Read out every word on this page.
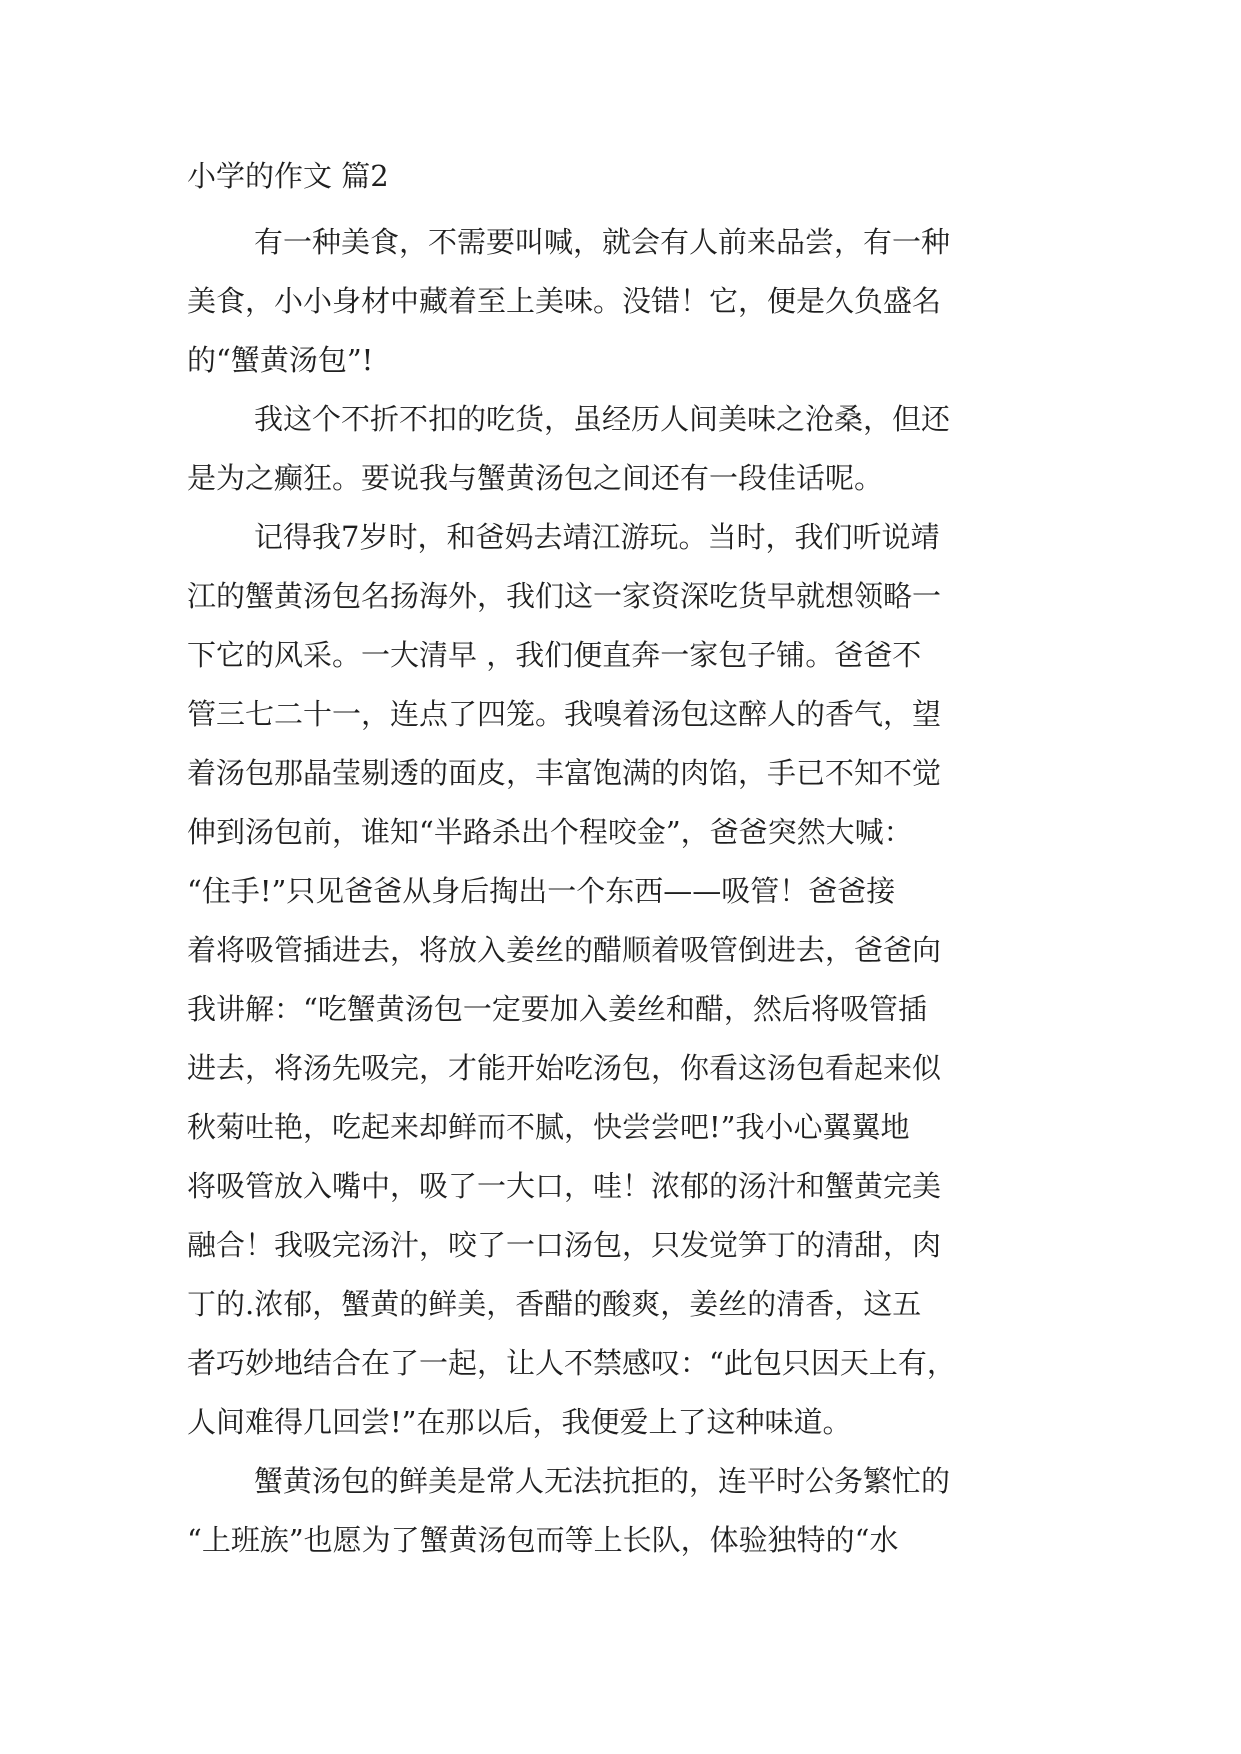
小学的作文 篇2
有一种美食，不需要叫喊，就会有人前来品尝，有一种
美食，小小身材中藏着至上美味。没错！它，便是久负盛名
的“蟹黄汤包”!
我这个不折不扣的吃货，虽经历人间美味之沧桑，但还
是为之癫狂。要说我与蟹黄汤包之间还有一段佳话呢。
记得我7岁时，和爸妈去靖江游玩。当时，我们听说靖
江的蟹黄汤包名扬海外，我们这一家资深吃货早就想领略一
下它的风采。一大清早 ，我们便直奔一家包子铺。爸爸不
管三七二十一，连点了四笼。我嗅着汤包这醉人的香气，望
着汤包那晶莹剔透的面皮，丰富饱满的肉馅，手已不知不觉
伸到汤包前，谁知“半路杀出个程咬金”，爸爸突然大喊：
“住手!”只见爸爸从身后掏出一个东西——吸管！爸爸接
着将吸管插进去，将放入姜丝的醋顺着吸管倒进去，爸爸向
我讲解：“吃蟹黄汤包一定要加入姜丝和醋，然后将吸管插
进去，将汤先吸完，才能开始吃汤包，你看这汤包看起来似
秋菊吐艳，吃起来却鲜而不腻，快尝尝吧!”我小心翼翼地
将吸管放入嘴中，吸了一大口，哇！浓郁的汤汁和蟹黄完美
融合！我吸完汤汁，咬了一口汤包，只发觉笋丁的清甜，肉
丁的.浓郁，蟹黄的鲜美，香醋的酸爽，姜丝的清香，这五
者巧妙地结合在了一起，让人不禁感叹：“此包只因天上有，
人间难得几回尝!”在那以后，我便爱上了这种味道。
蟹黄汤包的鲜美是常人无法抗拒的，连平时公务繁忙的
“上班族”也愿为了蟹黄汤包而等上长队，体验独特的“水
